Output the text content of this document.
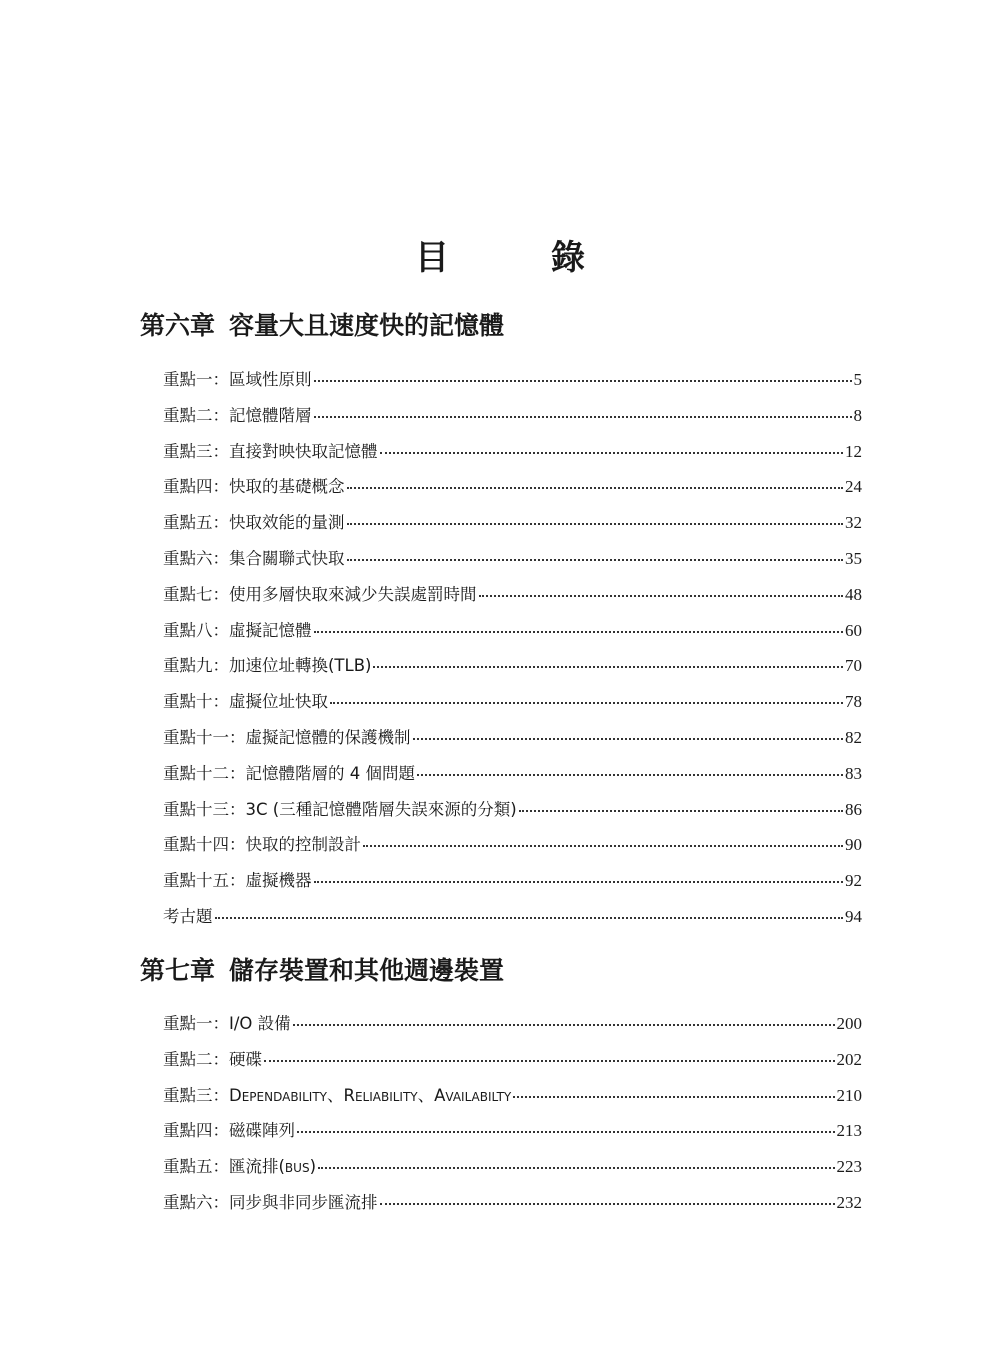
目　錄
第六章 容量大且速度快的記憶體
重點一：區域性原則	5
重點二：記憶體階層	8
重點三：直接對映快取記憶體	12
重點四：快取的基礎概念	24
重點五：快取效能的量測	32
重點六：集合關聯式快取	35
重點七：使用多層快取來減少失誤處罰時間	48
重點八：虛擬記憶體	60
重點九：加速位址轉換(TLB)	70
重點十：虛擬位址快取	78
重點十一：虛擬記憶體的保護機制	82
重點十二：記憶體階層的 4 個問題	83
重點十三：3C (三種記憶體階層失誤來源的分類)	86
重點十四：快取的控制設計	90
重點十五：虛擬機器	92
考古題	94
第七章 儲存裝置和其他週邊裝置
重點一：I/O 設備	200
重點二：硬碟	202
重點三：Dependability、Reliability、Availabilty	210
重點四：磁碟陣列	213
重點五：匯流排(bus)	223
重點六：同步與非同步匯流排	232
